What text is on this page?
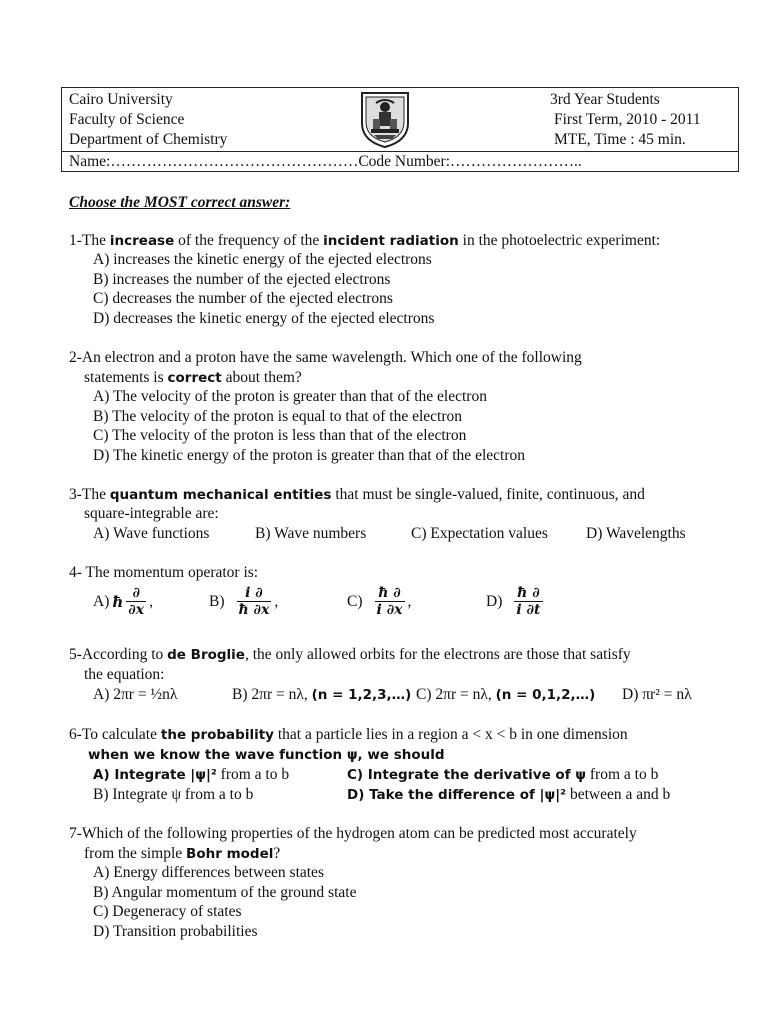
Cairo University
Faculty of Science
Department of Chemistry
3rd Year Students
First Term, 2010 - 2011
MTE, Time : 45 min.
Name:…………………………………………Code Number:……………………..
Choose the MOST correct answer:
1-The increase of the frequency of the incident radiation in the photoelectric experiment:
A) increases the kinetic energy of the ejected electrons
B) increases the number of the ejected electrons
C) decreases the number of the ejected electrons
D) decreases the kinetic energy of the ejected electrons
2-An electron and a proton have the same wavelength. Which one of the following
statements is correct about them?
A) The velocity of the proton is greater than that of the electron
B) The velocity of the proton is equal to that of the electron
C) The velocity of the proton is less than that of the electron
D) The kinetic energy of the proton is greater than that of the electron
3-The quantum mechanical entities that must be single-valued, finite, continuous, and
square-integrable are:
A) Wave functions	B) Wave numbers	C) Expectation values D) Wavelengths
4- The momentum operator is:
A) ħ $\frac{\partial}{\partial x}$ ,	$B) \frac{i \partial}{ħ \partial x}$ ,	$C) \frac{ħ \partial}{i \partial x}$ ,	$D) \frac{ħ \partial}{i \partial t}$
5-According to de Broglie, the only allowed orbits for the electrons are those that satisfy
the equation:
A) 2πr = ½nλ	B) 2πr = nλ, (n = 1,2,3,…) C) 2πr = nλ, (n = 0,1,2,…) D) πr² = nλ
6-To calculate the probability that a particle lies in a region a < x < b in one dimension
when we know the wave function ψ, we should
A) Integrate |ψ|² from a to b	C) Integrate the derivative of ψ from a to b
B) Integrate ψ from a to b	D) Take the difference of |ψ|² between a and b
7-Which of the following properties of the hydrogen atom can be predicted most accurately
from the simple Bohr model?
A) Energy differences between states
B) Angular momentum of the ground state
C) Degeneracy of states
D) Transition probabilities
